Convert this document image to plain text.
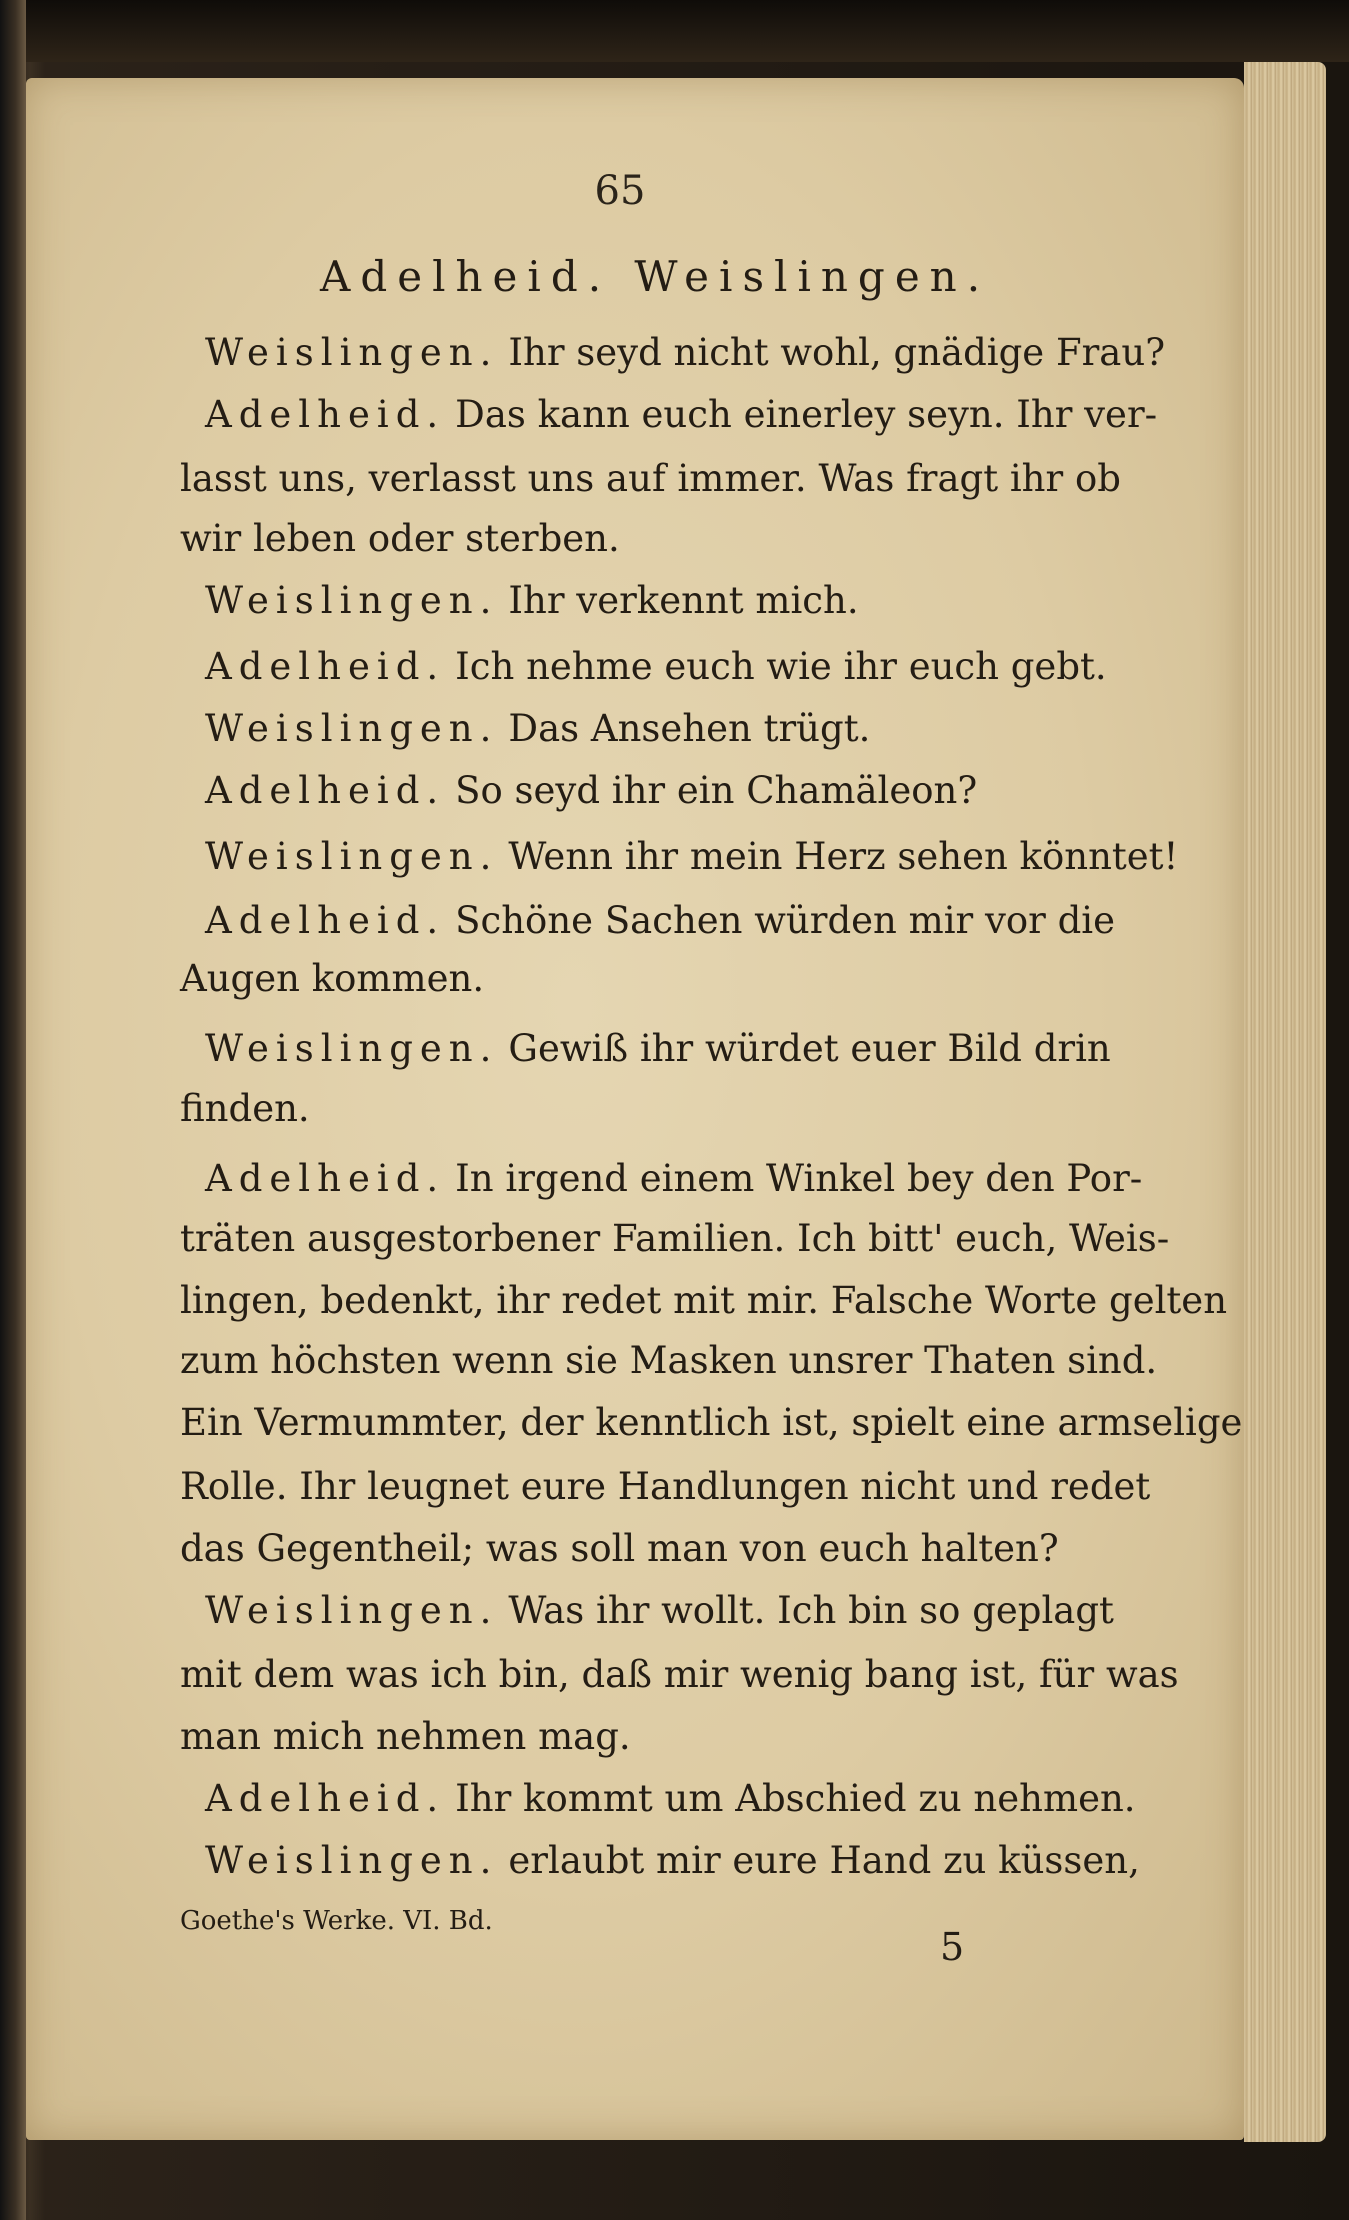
65
Adelheid. Weislingen.
Weislingen. Ihr seyd nicht wohl, gnädige Frau?
Adelheid. Das kann euch einerley seyn. Ihr ver-
lasst uns, verlasst uns auf immer. Was fragt ihr ob
wir leben oder sterben.
Weislingen. Ihr verkennt mich.
Adelheid. Ich nehme euch wie ihr euch gebt.
Weislingen. Das Ansehen trügt.
Adelheid. So seyd ihr ein Chamäleon?
Weislingen. Wenn ihr mein Herz sehen könntet!
Adelheid. Schöne Sachen würden mir vor die
Augen kommen.
Weislingen. Gewiß ihr würdet euer Bild drin
finden.
Adelheid. In irgend einem Winkel bey den Por-
träten ausgestorbener Familien. Ich bitt' euch, Weis-
lingen, bedenkt, ihr redet mit mir. Falsche Worte gelten
zum höchsten wenn sie Masken unsrer Thaten sind.
Ein Vermummter, der kenntlich ist, spielt eine armselige
Rolle. Ihr leugnet eure Handlungen nicht und redet
das Gegentheil; was soll man von euch halten?
Weislingen. Was ihr wollt. Ich bin so geplagt
mit dem was ich bin, daß mir wenig bang ist, für was
man mich nehmen mag.
Adelheid. Ihr kommt um Abschied zu nehmen.
Weislingen. erlaubt mir eure Hand zu küssen,
Goethe's Werke. VI. Bd.
5
